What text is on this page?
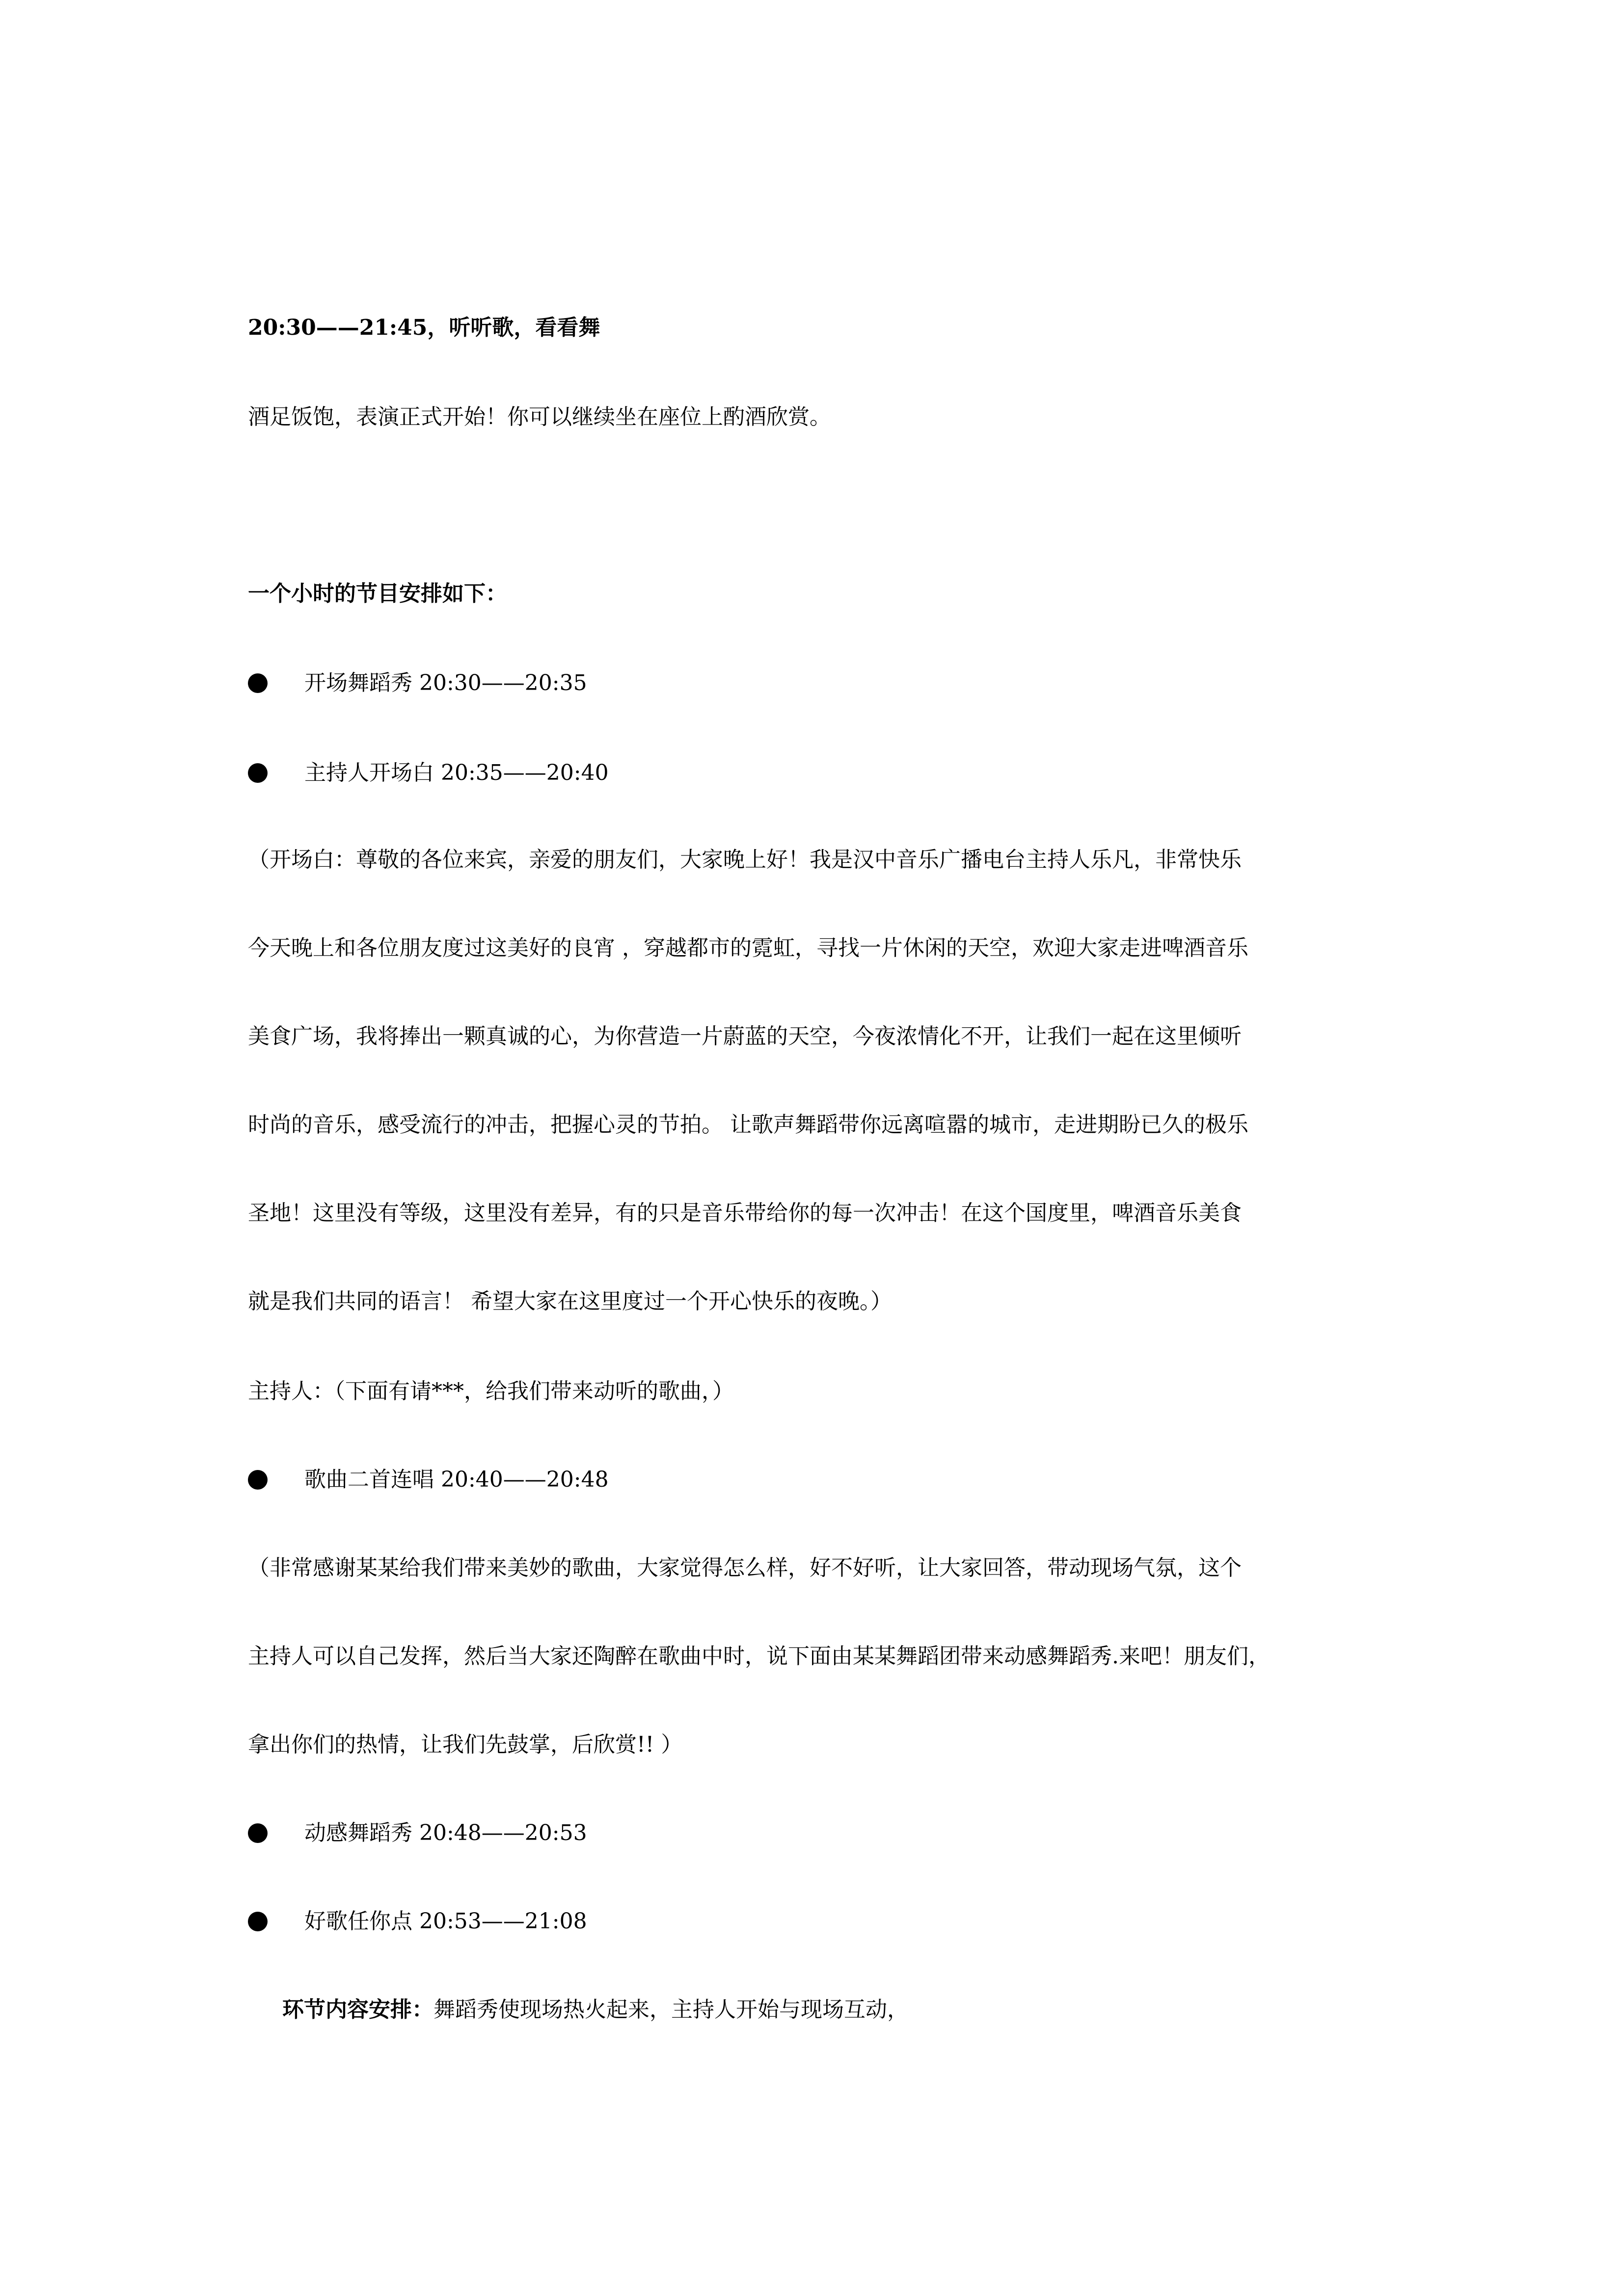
20:30——21:45，听听歌，看看舞

酒足饭饱，表演正式开始！你可以继续坐在座位上酌酒欣赏。

一个小时的节目安排如下：

开场舞蹈秀 20:30——20:35
主持人开场白 20:35——20:40

（开场白：尊敬的各位来宾，亲爱的朋友们，大家晚上好！我是汉中音乐广播电台主持人乐凡，非常快乐

今天晚上和各位朋友度过这美好的良宵 ，穿越都市的霓虹，寻找一片休闲的天空，欢迎大家走进啤酒音乐

美食广场，我将捧出一颗真诚的心，为你营造一片蔚蓝的天空，今夜浓情化不开，让我们一起在这里倾听

时尚的音乐，感受流行的冲击，把握心灵的节拍。 让歌声舞蹈带你远离喧嚣的城市，走进期盼已久的极乐

圣地！这里没有等级，这里没有差异，有的只是音乐带给你的每一次冲击！在这个国度里，啤酒音乐美食

就是我们共同的语言！ 希望大家在这里度过一个开心快乐的夜晚。）

主持人：（下面有请***，给我们带来动听的歌曲，）

歌曲二首连唱 20:40——20:48

（非常感谢某某给我们带来美妙的歌曲，大家觉得怎么样，好不好听，让大家回答，带动现场气氛，这个

主持人可以自己发挥，然后当大家还陶醉在歌曲中时，说下面由某某舞蹈团带来动感舞蹈秀.来吧！朋友们，

拿出你们的热情，让我们先鼓掌，后欣赏!! ）

动感舞蹈秀 20:48——20:53
好歌任你点 20:53——21:08

环节内容安排：舞蹈秀使现场热火起来，主持人开始与现场互动，
